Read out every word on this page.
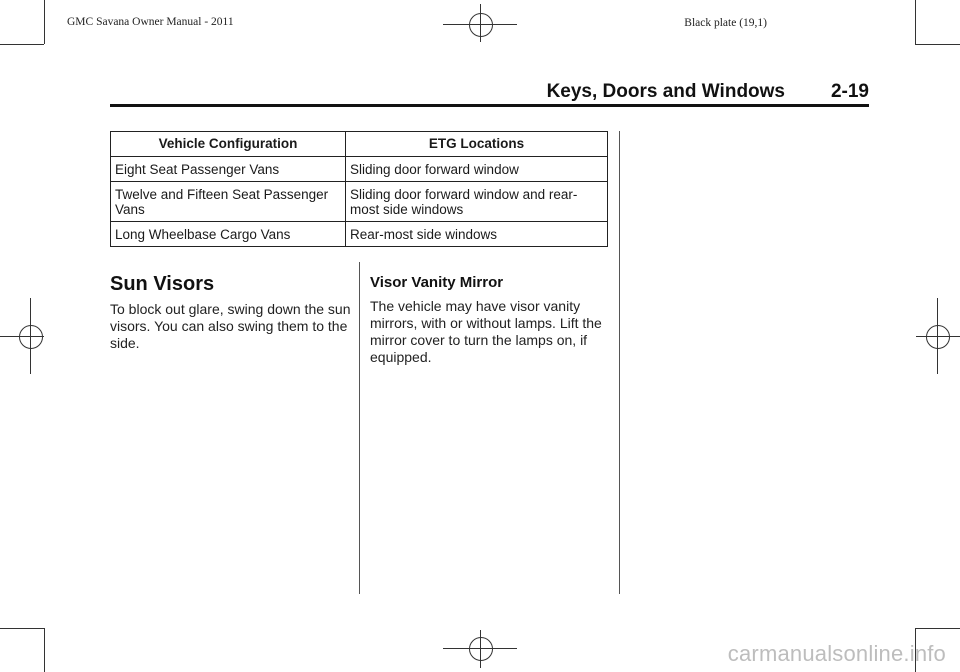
GMC Savana Owner Manual - 2011	Black plate (19,1)
Keys, Doors and Windows 2-19
Vehicle Configuration	ETG Locations
Eight Seat Passenger Vans	Sliding door forward window
Twelve and Fifteen Seat Passenger Vans	Sliding door forward window and rear-most side windows
Long Wheelbase Cargo Vans	Rear-most side windows
Sun Visors
To block out glare, swing down the sun visors. You can also swing them to the side.
Visor Vanity Mirror
The vehicle may have visor vanity mirrors, with or without lamps. Lift the mirror cover to turn the lamps on, if equipped.
carmanualsonline.info
